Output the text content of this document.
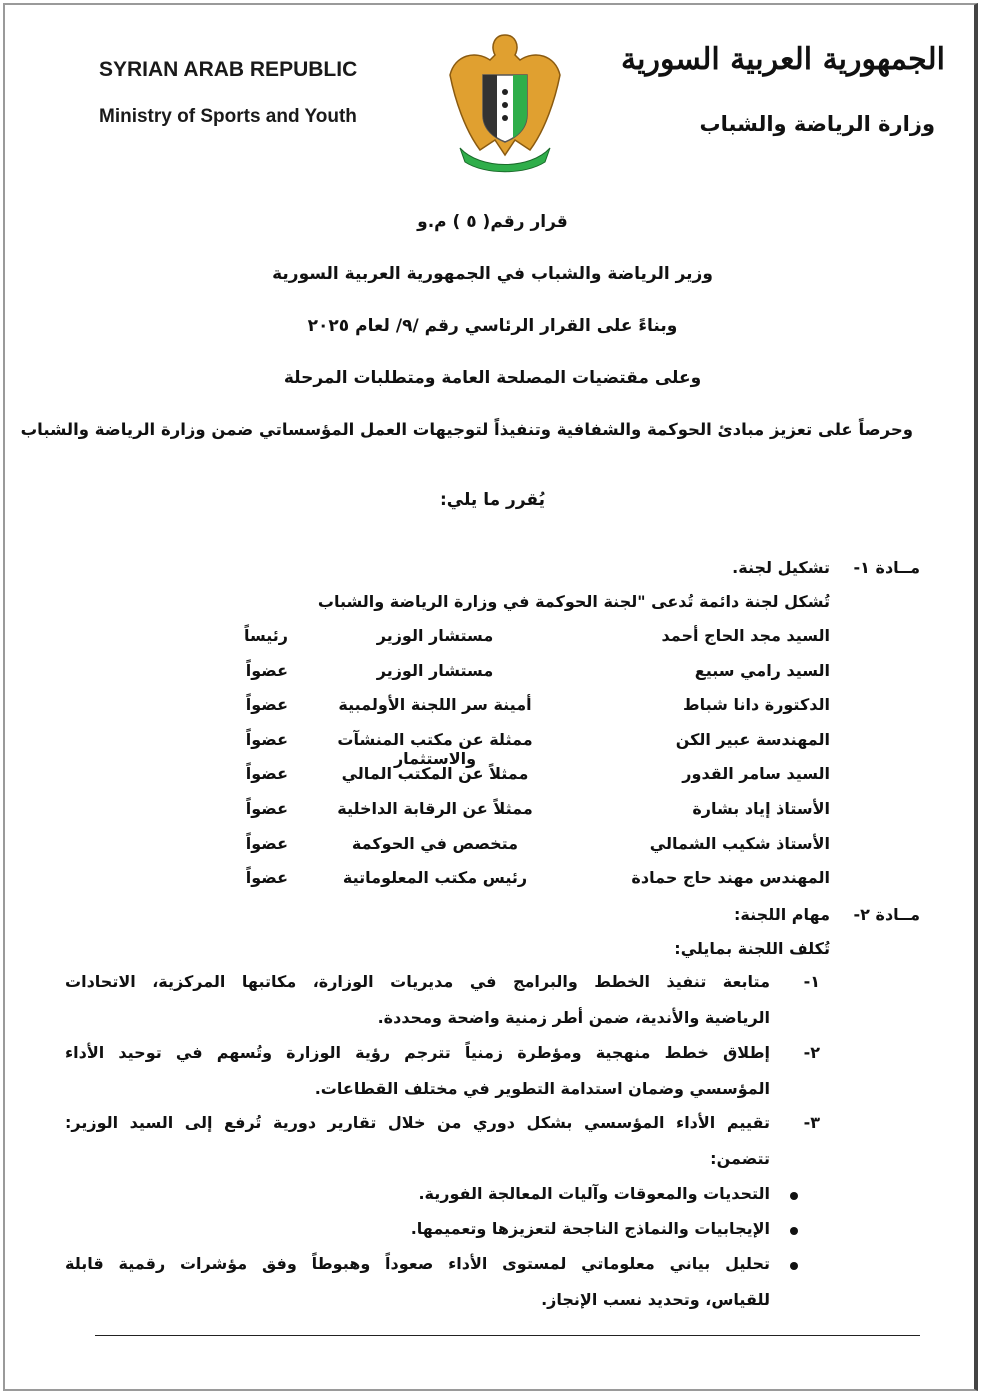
SYRIAN ARAB REPUBLIC
Ministry of Sports and Youth
الجمهورية العربية السورية
وزارة الرياضة والشباب
قرار رقم( ٥ ) م.و
وزير الرياضة والشباب في الجمهورية العربية السورية
وبناءً على القرار الرئاسي رقم /٩/ لعام ٢٠٢٥
وعلى مقتضيات المصلحة العامة ومتطلبات المرحلة
وحرصاً على تعزيز مبادئ الحوكمة والشفافية وتنفيذاً لتوجيهات العمل المؤسساتي ضمن وزارة الرياضة والشباب
يُقرر ما يلي:
مــادة ١-
تشكيل لجنة.
تُشكل لجنة دائمة تُدعى "لجنة الحوكمة في وزارة الرياضة والشباب
السيد مجد الحاج أحمد
مستشار الوزير
رئيساً
السيد رامي سبيع
مستشار الوزير
عضواً
الدكتورة دانا شباط
أمينة سر اللجنة الأولمبية
عضواً
المهندسة عبير الكن
ممثلة عن مكتب المنشآت والاستثمار
عضواً
السيد سامر القدور
ممثلاً عن المكتب المالي
عضواً
الأستاذ إياد بشارة
ممثلاً عن الرقابة الداخلية
عضواً
الأستاذ شكيب الشمالي
متخصص في الحوكمة
عضواً
المهندس مهند حاج حمادة
رئيس مكتب المعلوماتية
عضواً
مــادة ٢-
مهام اللجنة:
تُكلف اللجنة بمايلي:
١-
متابعة تنفيذ الخطط والبرامج في مديريات الوزارة، مكاتبها المركزية، الاتحادات
الرياضية والأندية، ضمن أطر زمنية واضحة ومحددة.
٢-
إطلاق خطط منهجية ومؤطرة زمنياً تترجم رؤية الوزارة وتُسهم في توحيد الأداء
المؤسسي وضمان استدامة التطوير في مختلف القطاعات.
٣-
تقييم الأداء المؤسسي بشكل دوري من خلال تقارير دورية تُرفع إلى السيد الوزير:
تتضمن:
التحديات والمعوقات وآليات المعالجة الفورية.
الإيجابيات والنماذج الناجحة لتعزيزها وتعميمها.
تحليل بياني معلوماتي لمستوى الأداء صعوداً وهبوطاً وفق مؤشرات رقمية قابلة
للقياس، وتحديد نسب الإنجاز.
